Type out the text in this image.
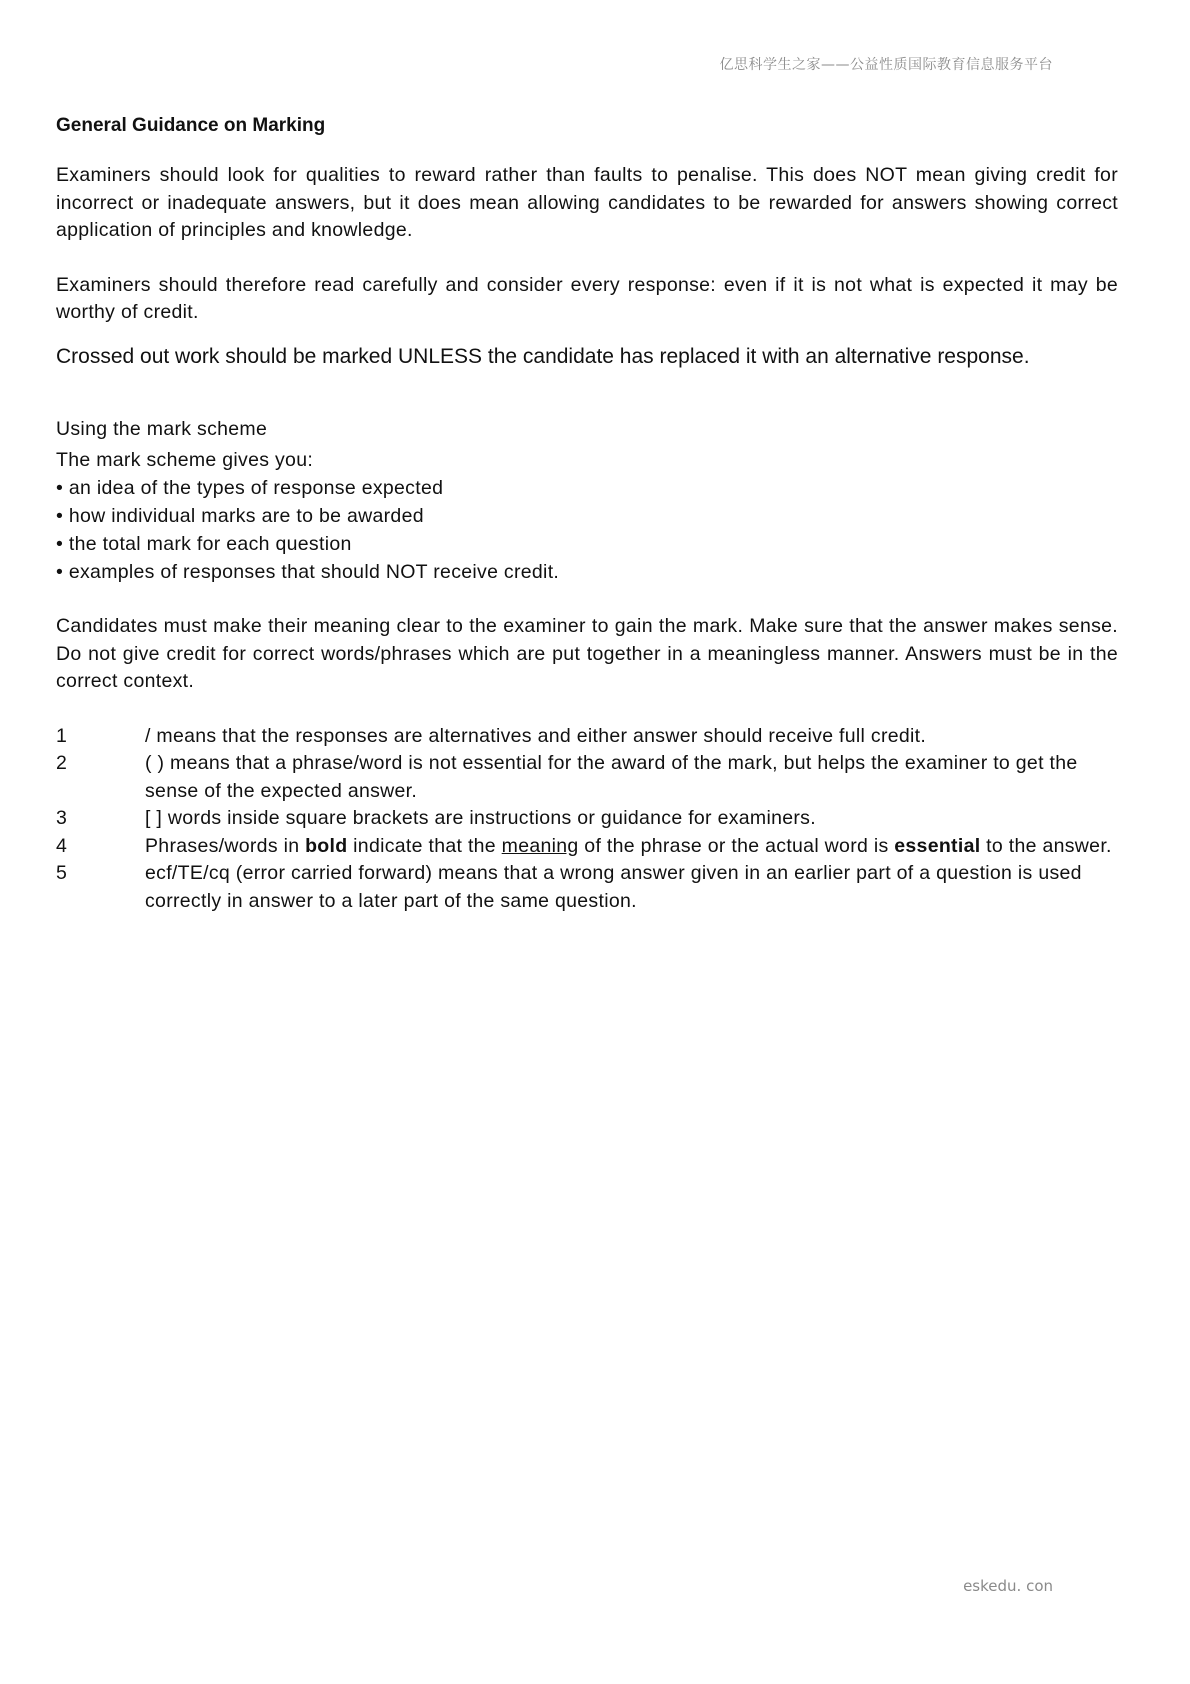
亿思科学生之家——公益性质国际教育信息服务平台
General Guidance on Marking

Examiners should look for qualities to reward rather than faults to penalise. This does NOT mean giving credit for incorrect or inadequate answers, but it does mean allowing candidates to be rewarded for answers showing correct application of principles and knowledge.

Examiners should therefore read carefully and consider every response: even if it is not what is expected it may be worthy of credit.

Crossed out work should be marked UNLESS the candidate has replaced it with an alternative response.

Using the mark scheme

The mark scheme gives you:

• an idea of the types of response expected
• how individual marks are to be awarded
• the total mark for each question
• examples of responses that should NOT receive credit.

Candidates must make their meaning clear to the examiner to gain the mark. Make sure that the answer makes sense. Do not give credit for correct words/phrases which are put together in a meaningless manner. Answers must be in the correct context.

1	/ means that the responses are alternatives and either answer should receive full credit.
2	( ) means that a phrase/word is not essential for the award of the mark, but helps the examiner to get the sense of the expected answer.
3	[ ] words inside square brackets are instructions or guidance for examiners.
4	Phrases/words in bold indicate that the meaning of the phrase or the actual word is essential to the answer.
5	ecf/TE/cq (error carried forward) means that a wrong answer given in an earlier part of a question is used correctly in answer to a later part of the same question.
eskedu. con
